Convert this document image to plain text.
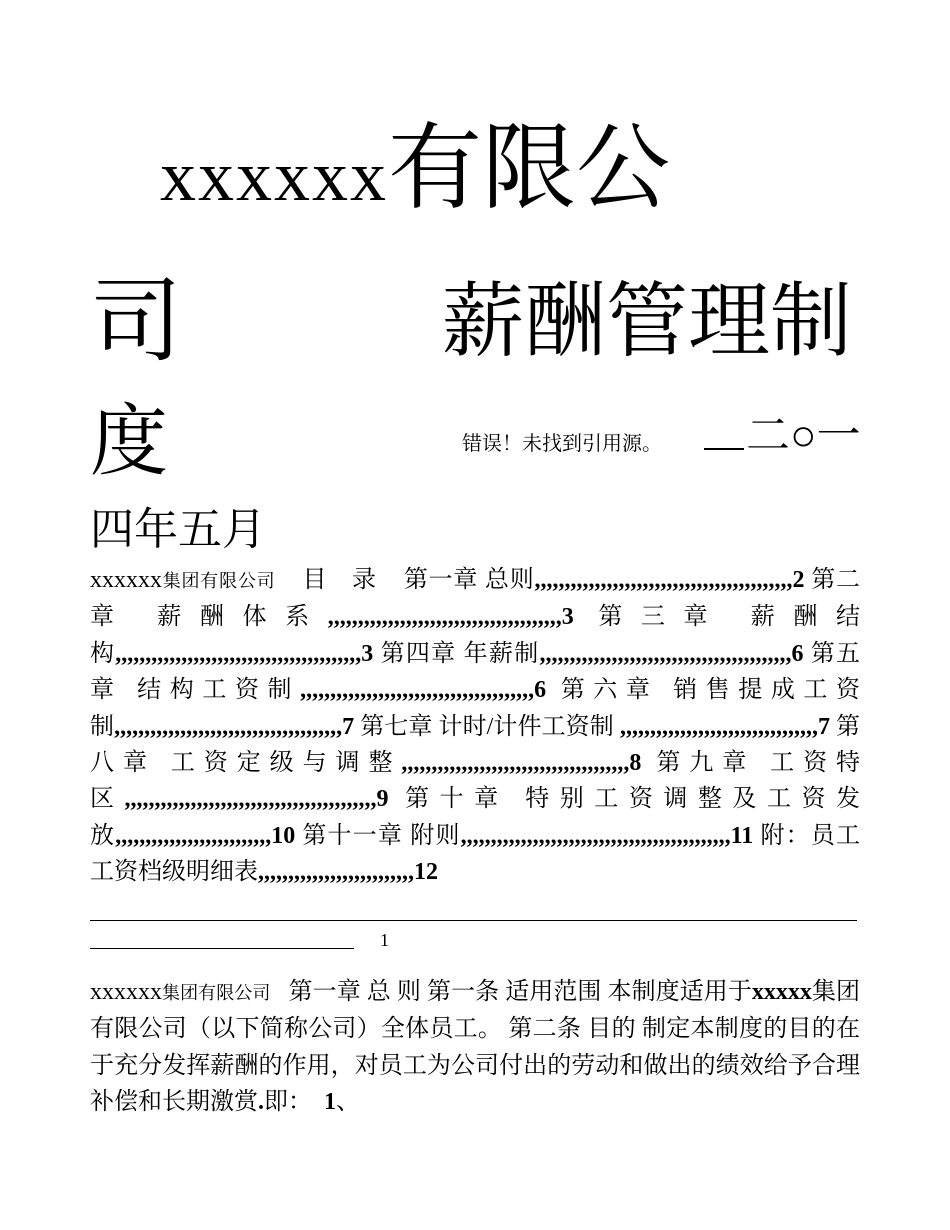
xxxxxx有限公
司	薪酬管理制
度	错误！未找到引用源。	二○一
四年五月
xxxxxx集团有限公司 目　录 第一章 总则,,,,,,,,,,,,,,,,,,,,,,,,,,,,,,,,,,,,,,,,,,,2 第二章 薪酬体系,,,,,,,,,,,,,,,,,,,,,,,,,,,,,,,,,,,,,,,3 第三章 薪酬结构,,,,,,,,,,,,,,,,,,,,,,,,,,,,,,,,,,,,,,,,,3 第四章 年薪制,,,,,,,,,,,,,,,,,,,,,,,,,,,,,,,,,,,,,,,,,,6 第五章 结构工资制,,,,,,,,,,,,,,,,,,,,,,,,,,,,,,,,,,,,,,,6 第六章 销售提成工资制,,,,,,,,,,,,,,,,,,,,,,,,,,,,,,,,,,,,,,7 第七章 计时/计件工资制 ,,,,,,,,,,,,,,,,,,,,,,,,,,,,,,,,,7 第八章 工资定级与调整,,,,,,,,,,,,,,,,,,,,,,,,,,,,,,,,,,,,,,8 第九章 工资特区,,,,,,,,,,,,,,,,,,,,,,,,,,,,,,,,,,,,,,,,,,9 第十章 特别工资调整及工资发放,,,,,,,,,,,,,,,,,,,,,,,,,,10 第十一章 附则,,,,,,,,,,,,,,,,,,,,,,,,,,,,,,,,,,,,,,,,,,,,,11 附：员工工资档级明细表,,,,,,,,,,,,,,,,,,,,,,,,,,12
1
xxxxxx集团有限公司 第一章 总 则 第一条 适用范围 本制度适用于xxxxx集团有限公司（以下简称公司）全体员工。 第二条 目的 制定本制度的目的在于充分发挥薪酬的作用，对员工为公司付出的劳动和做出的绩效给予合理补偿和长期激赏.即： 1、
